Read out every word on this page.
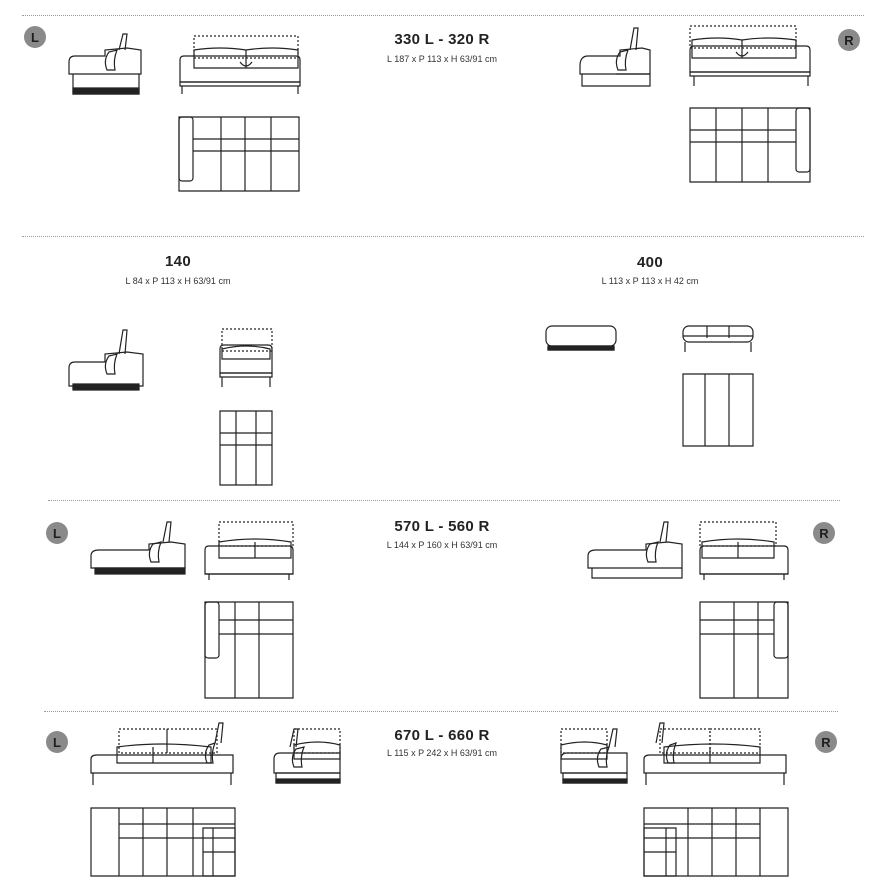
L	R
L	R
L	R
330 L - 320 R
L 187 x P 113 x H 63/91 cm
140
L 84 x P 113 x H 63/91 cm
400
L 113 x P 113 x H 42 cm
570 L - 560 R
L 144 x P 160 x H 63/91 cm
670 L - 660 R
L 115 x P 242 x H 63/91 cm
